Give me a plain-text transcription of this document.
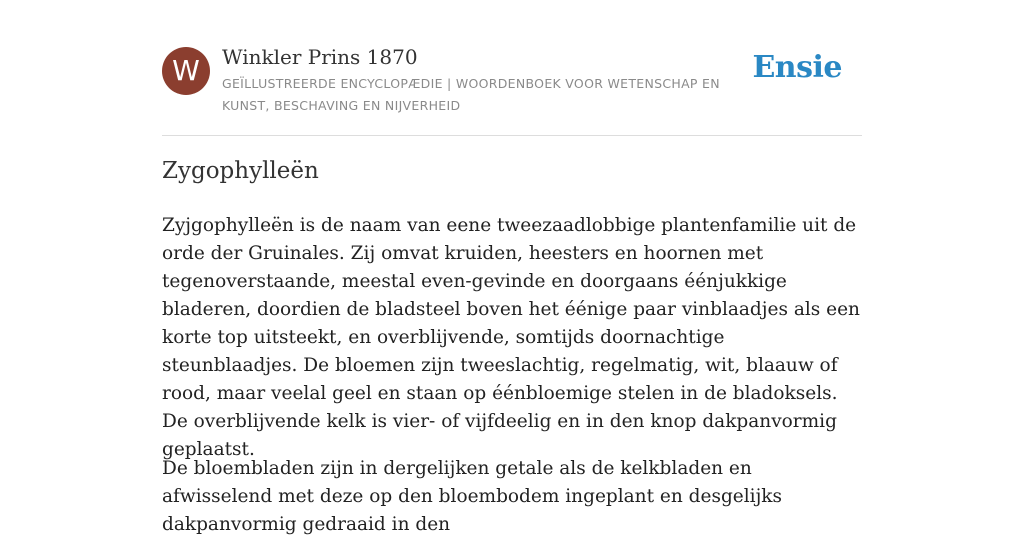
W	Winkler Prins 1870
GEÏLLUSTREERDE ENCYCLOPÆDIE | WOORDENBOEK VOOR WETENSCHAP EN KUNST, BESCHAVING EN NIJVERHEID
Ensie
Zygophylleën

Zyjgophylleën is de naam van eene tweezaadlobbige plantenfamilie uit de orde der Gruinales. Zij omvat kruiden, heesters en hoornen met tegenoverstaande, meestal even-gevinde en doorgaans éénjukkige bladeren, doordien de bladsteel boven het éénige paar vinblaadjes als een korte top uitsteekt, en overblijvende, somtijds doornachtige steunblaadjes. De bloemen zijn tweeslachtig, regelmatig, wit, blaauw of rood, maar veelal geel en staan op éénbloemige stelen in de bladoksels. De overblijvende kelk is vier- of vijfdeelig en in den knop dakpanvormig geplaatst.

De bloembladen zijn in dergelijken getale als de kelkbladen en afwisselend met deze op den bloembodem ingeplant en desgelijks dakpanvormig gedraaid in den
